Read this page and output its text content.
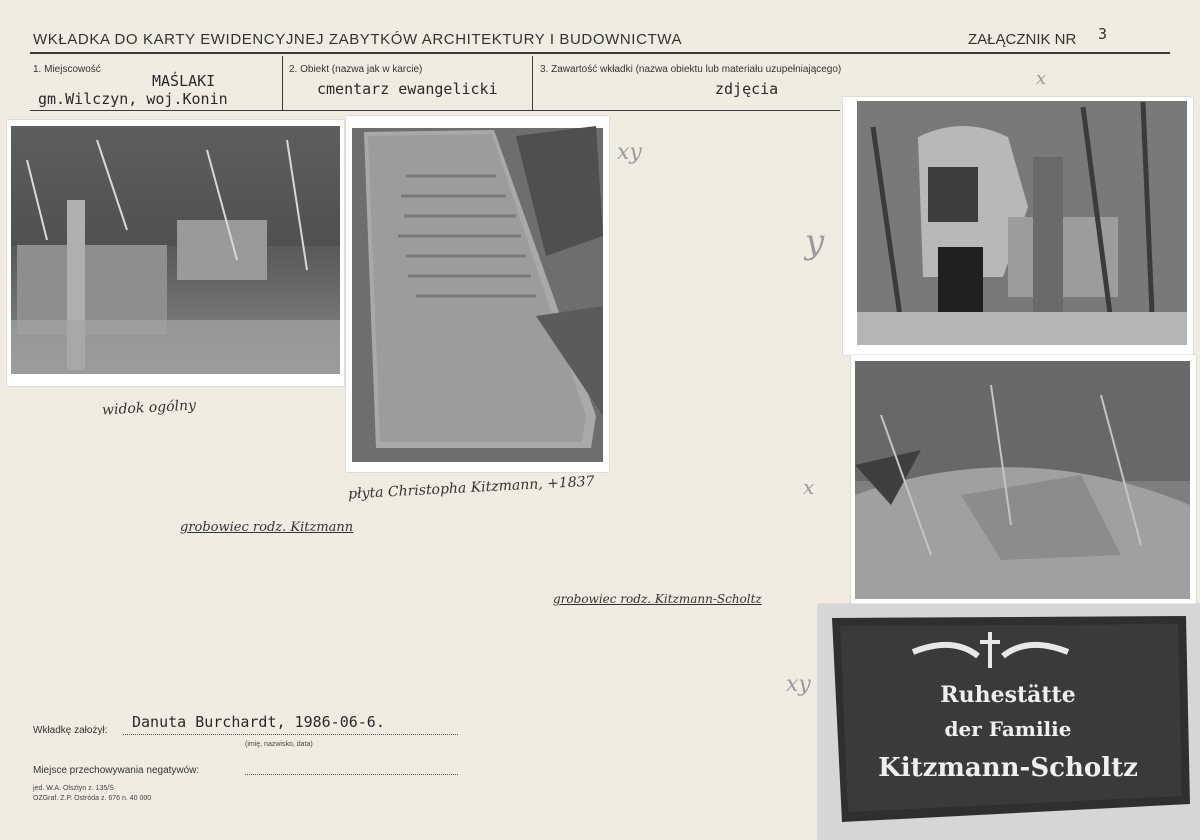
WKŁADKA DO KARTY EWIDENCYJNEJ ZABYTKÓW ARCHITEKTURY I BUDOWNICTWA	ZAŁĄCZNIK NR 3
1. Miejscowość
MAŚLAKI
gm.Wilczyn, woj.Konin
2. Obiekt (nazwa jak w karcie)
cmentarz ewangelicki
3. Zawartość wkładki (nazwa obiektu lub materiału uzupełniającego)
zdjęcia
widok ogólny
płyta Christopha Kitzmann, +1837
Ruhestätte
der Familie
Kitzmann-Scholtz
grobowiec rodz. Kitzmann
grobowiec rodz. Kitzmann-Scholtz
xy
x
y
x
xy
Wkładkę założył: Danuta Burchardt, 1986-06-6.
(imię, nazwisko, data)
Miejsce przechowywania negatywów:
jed. W.A. Olsztyn z. 135/S
OZGraf. Z.P. Ostróda z. 676 n. 40 000
